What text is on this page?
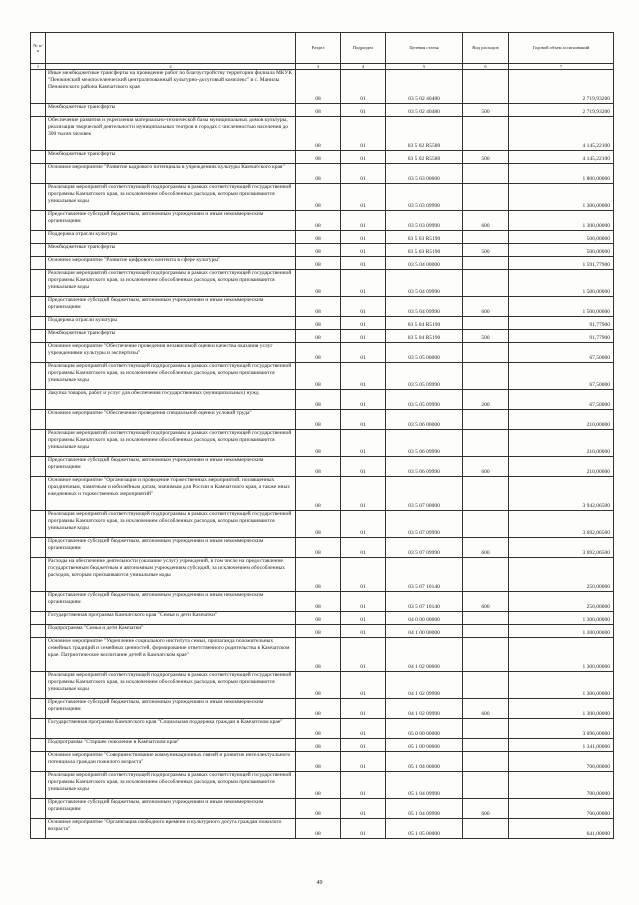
№ п/п		Раздел	Подраздел	Целевая статья	Вид расходов	Годовой объем ассигнований
1	2	3	4	5	6	7
	Иные межбюджетные трансферты на проведение работ по благоустройству территории филиала МКУК "Пенжинский межпоселенческий централизованный культурно-досуговый комплекс" в с. Манилы Пенжинского района Камчатского края	08	01	03 5 02 40480		2 719,93200
	Межбюджетные трансферты	08	01	03 5 02 40480	500	2 719,93200
	Обеспечение развития и укрепления материально-технической базы муниципальных домов культуры, реализация творческой деятельности муниципальных театров в городах с численностью населения до 300 тысяч человек	08	01	03 5 02 R5580		4 145,22100
	Межбюджетные трансферты	08	01	03 5 02 R5580	500	4 145,22100
	Основное мероприятие "Развитие кадрового потенциала в учреждениях культуры Камчатского края"	08	01	03 5 03 00000		1 800,00000
	Реализация мероприятий соответствующей подпрограммы в рамках соответствующей государственной программы Камчатского края, за исключением обособленных расходов, которым присваиваются уникальные коды	08	01	03 5 03 09990		1 300,00000
	Предоставление субсидий бюджетным, автономным учреждениям и иным некоммерческим организациям	08	01	03 5 03 09990	600	1 300,00000
	Поддержка отрасли культуры	08	01	03 5 03 R5190		500,00000
	Межбюджетные трансферты	08	01	03 5 03 R5190	500	500,00000
	Основное мероприятие "Развитие цифрового контента в сфере культуры"	08	01	03 5 04 00000		1 591,77900
	Реализация мероприятий соответствующей подпрограммы в рамках соответствующей государственной программы Камчатского края, за исключением обособленных расходов, которым присваиваются уникальные коды	08	01	03 5 04 09990		1 500,00000
	Предоставление субсидий бюджетным, автономным учреждениям и иным некоммерческим организациям	08	01	03 5 04 09990	600	1 500,00000
	Поддержка отрасли культуры	08	01	03 5 04 R5190		91,77900
	Межбюджетные трансферты	08	01	03 5 04 R5190	500	91,77900
	Основное мероприятие "Обеспечение проведения независимой оценки качества оказания услуг учреждениями культуры и экспертизы"	08	01	03 5 05 00000		67,50000
	Реализация мероприятий соответствующей подпрограммы в рамках соответствующей государственной программы Камчатского края, за исключением обособленных расходов, которым присваиваются уникальные коды	08	01	03 5 05 09990		67,50000
	Закупка товаров, работ и услуг для обеспечения государственных (муниципальных) нужд	08	01	03 5 05 09990	200	67,50000
	Основное мероприятие "Обеспечение проведения специальной оценки условий труда"	08	01	03 5 06 00000		210,00000
	Реализация мероприятий соответствующей подпрограммы в рамках соответствующей государственной программы Камчатского края, за исключением обособленных расходов, которым присваиваются уникальные коды	08	01	03 5 06 09990		210,00000
	Предоставление субсидий бюджетным, автономным учреждениям и иным некоммерческим организациям	08	01	03 5 06 09990	600	210,00000
	Основное мероприятие "Организация и проведение торжественных мероприятий, посвященных праздничным, памятным и юбилейным датам, значимым для России и Камчатского края, а также иных ежедневных и торжественных мероприятий"	08	01	03 5 07 00000		3 942,06500
	Реализация мероприятий соответствующей подпрограммы в рамках соответствующей государственной программы Камчатского края, за исключением обособленных расходов, которым присваиваются уникальные коды	08	01	03 5 07 09990		3 692,06500
	Предоставление субсидий бюджетным, автономным учреждениям и иным некоммерческим организациям	08	01	03 5 07 09990	600	3 692,06500
	Расходы на обеспечение деятельности (оказание услуг) учреждений, в том числе на предоставление государственным бюджетным и автономным учреждениям субсидий, за исключением обособленных расходов, которым присваиваются уникальные коды	08	01	03 5 07 10140		250,00000
	Предоставление субсидий бюджетным, автономным учреждениям и иным некоммерческим организациям	08	01	03 5 07 10140	600	250,00000
	Государственная программа Камчатского края "Семья и дети Камчатки"	08	01	04 0 00 00000		1 300,00000
	Подпрограмма "Семья и дети Камчатки"	08	01	04 1 00 00000		1 300,00000
	Основное мероприятие "Укрепление социального института семьи, пропаганда положительных семейных традиций и семейных ценностей, формирование ответственного родительства в Камчатском крае. Патриотическое воспитание детей в Камчатском крае"	08	01	04 1 02 00000		1 300,00000
	Реализация мероприятий соответствующей подпрограммы в рамках соответствующей государственной программы Камчатского края, за исключением обособленных расходов, которым присваиваются уникальные коды	08	01	04 1 02 09990		1 300,00000
	Предоставление субсидий бюджетным, автономным учреждениям и иным некоммерческим организациям	08	01	04 1 02 09990	600	1 300,00000
	Государственная программа Камчатского края "Социальная поддержка граждан в Камчатском крае"	08	01	05 0 00 00000		3 096,00000
	Подпрограмма "Старшее поколение в Камчатском крае"	08	01	05 1 00 00000		1 341,00000
	Основное мероприятие "Совершенствование коммуникационных связей и развитие интеллектуального потенциала граждан пожилого возраста"	08	01	05 1 04 00000		700,00000
	Реализация мероприятий соответствующей подпрограммы в рамках соответствующей государственной программы Камчатского края, за исключением обособленных расходов, которым присваиваются уникальные коды	08	01	05 1 04 09990		700,00000
	Предоставление субсидий бюджетным, автономным учреждениям и иным некоммерческим организациям	08	01	05 1 04 09990	600	700,00000
	Основное мероприятие "Организация свободного времени и культурного досуга граждан пожилого возраста"	08	01	05 1 05 00000		641,00000
49
